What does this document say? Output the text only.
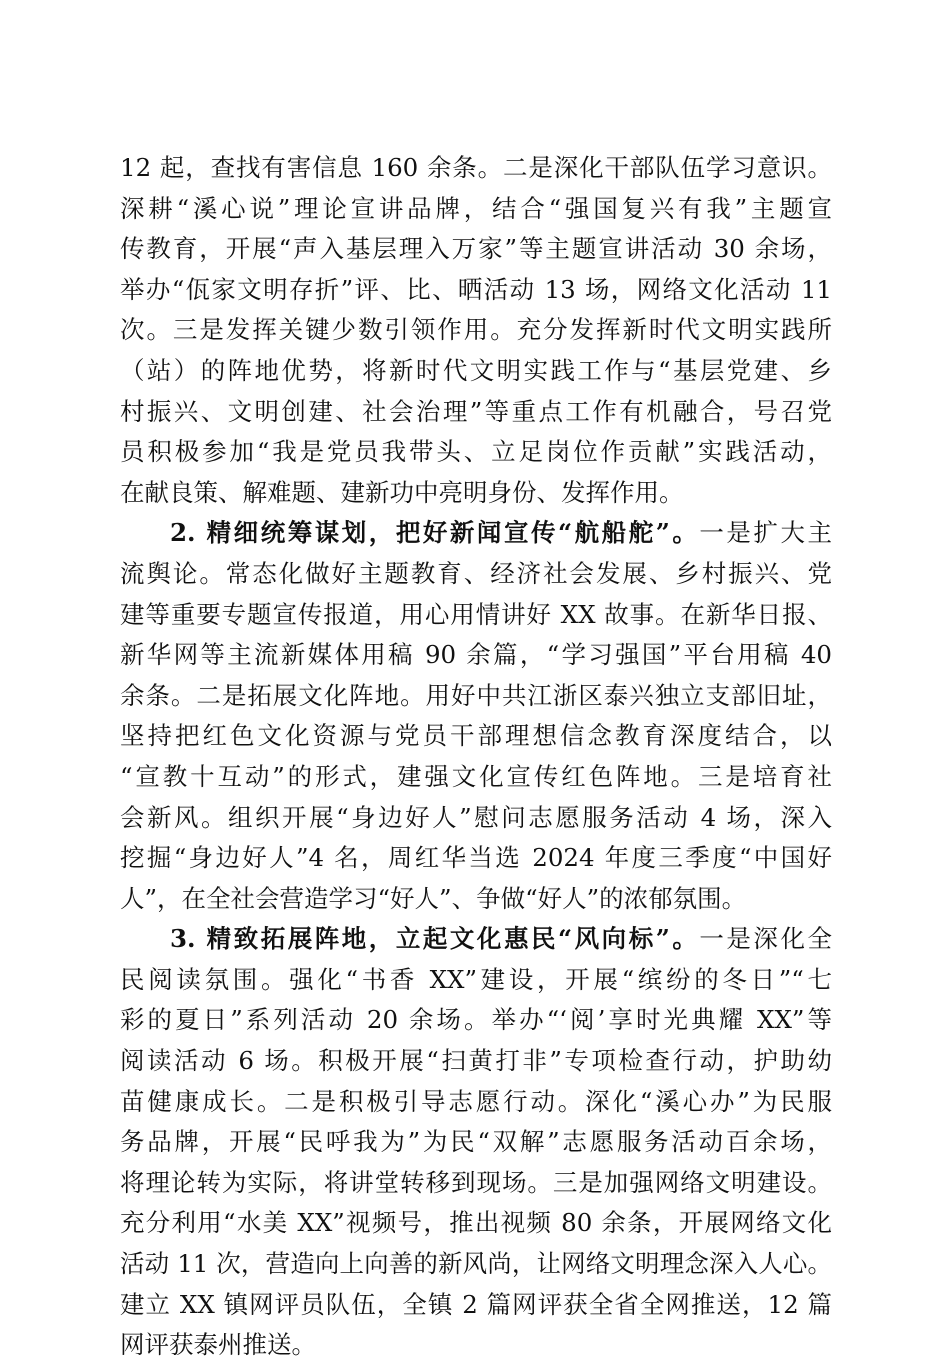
12 起，查找有害信息 160 余条。二是深化干部队伍学习意识。
深耕“溪心说”理论宣讲品牌，结合“强国复兴有我”主题宣
传教育，开展“声入基层理入万家”等主题宣讲活动 30 余场，
举办“佤家文明存折”评、比、晒活动 13 场，网络文化活动 11
次。三是发挥关键少数引领作用。充分发挥新时代文明实践所
（站）的阵地优势，将新时代文明实践工作与“基层党建、乡
村振兴、文明创建、社会治理”等重点工作有机融合，号召党
员积极参加“我是党员我带头、立足岗位作贡献”实践活动，
在献良策、解难题、建新功中亮明身份、发挥作用。
2. 精细统筹谋划，把好新闻宣传“航船舵”。一是扩大主
流舆论。常态化做好主题教育、经济社会发展、乡村振兴、党
建等重要专题宣传报道，用心用情讲好 XX 故事。在新华日报、
新华网等主流新媒体用稿 90 余篇，“学习强国”平台用稿 40
余条。二是拓展文化阵地。用好中共江浙区泰兴独立支部旧址，
坚持把红色文化资源与党员干部理想信念教育深度结合，以
“宣教十互动”的形式，建强文化宣传红色阵地。三是培育社
会新风。组织开展“身边好人”慰问志愿服务活动 4 场，深入
挖掘“身边好人”4 名，周红华当选 2024 年度三季度“中国好
人”，在全社会营造学习“好人”、争做“好人”的浓郁氛围。
3. 精致拓展阵地，立起文化惠民“风向标”。一是深化全
民阅读氛围。强化“书香 XX”建设，开展“缤纷的冬日”“七
彩的夏日”系列活动 20 余场。举办“‘阅’享时光典耀 XX”等
阅读活动 6 场。积极开展“扫黄打非”专项检查行动，护助幼
苗健康成长。二是积极引导志愿行动。深化“溪心办”为民服
务品牌，开展“民呼我为”为民“双解”志愿服务活动百余场，
将理论转为实际，将讲堂转移到现场。三是加强网络文明建设。
充分利用“水美 XX”视频号，推出视频 80 余条，开展网络文化
活动 11 次，营造向上向善的新风尚，让网络文明理念深入人心。
建立 XX 镇网评员队伍，全镇 2 篇网评获全省全网推送，12 篇
网评获泰州推送。
